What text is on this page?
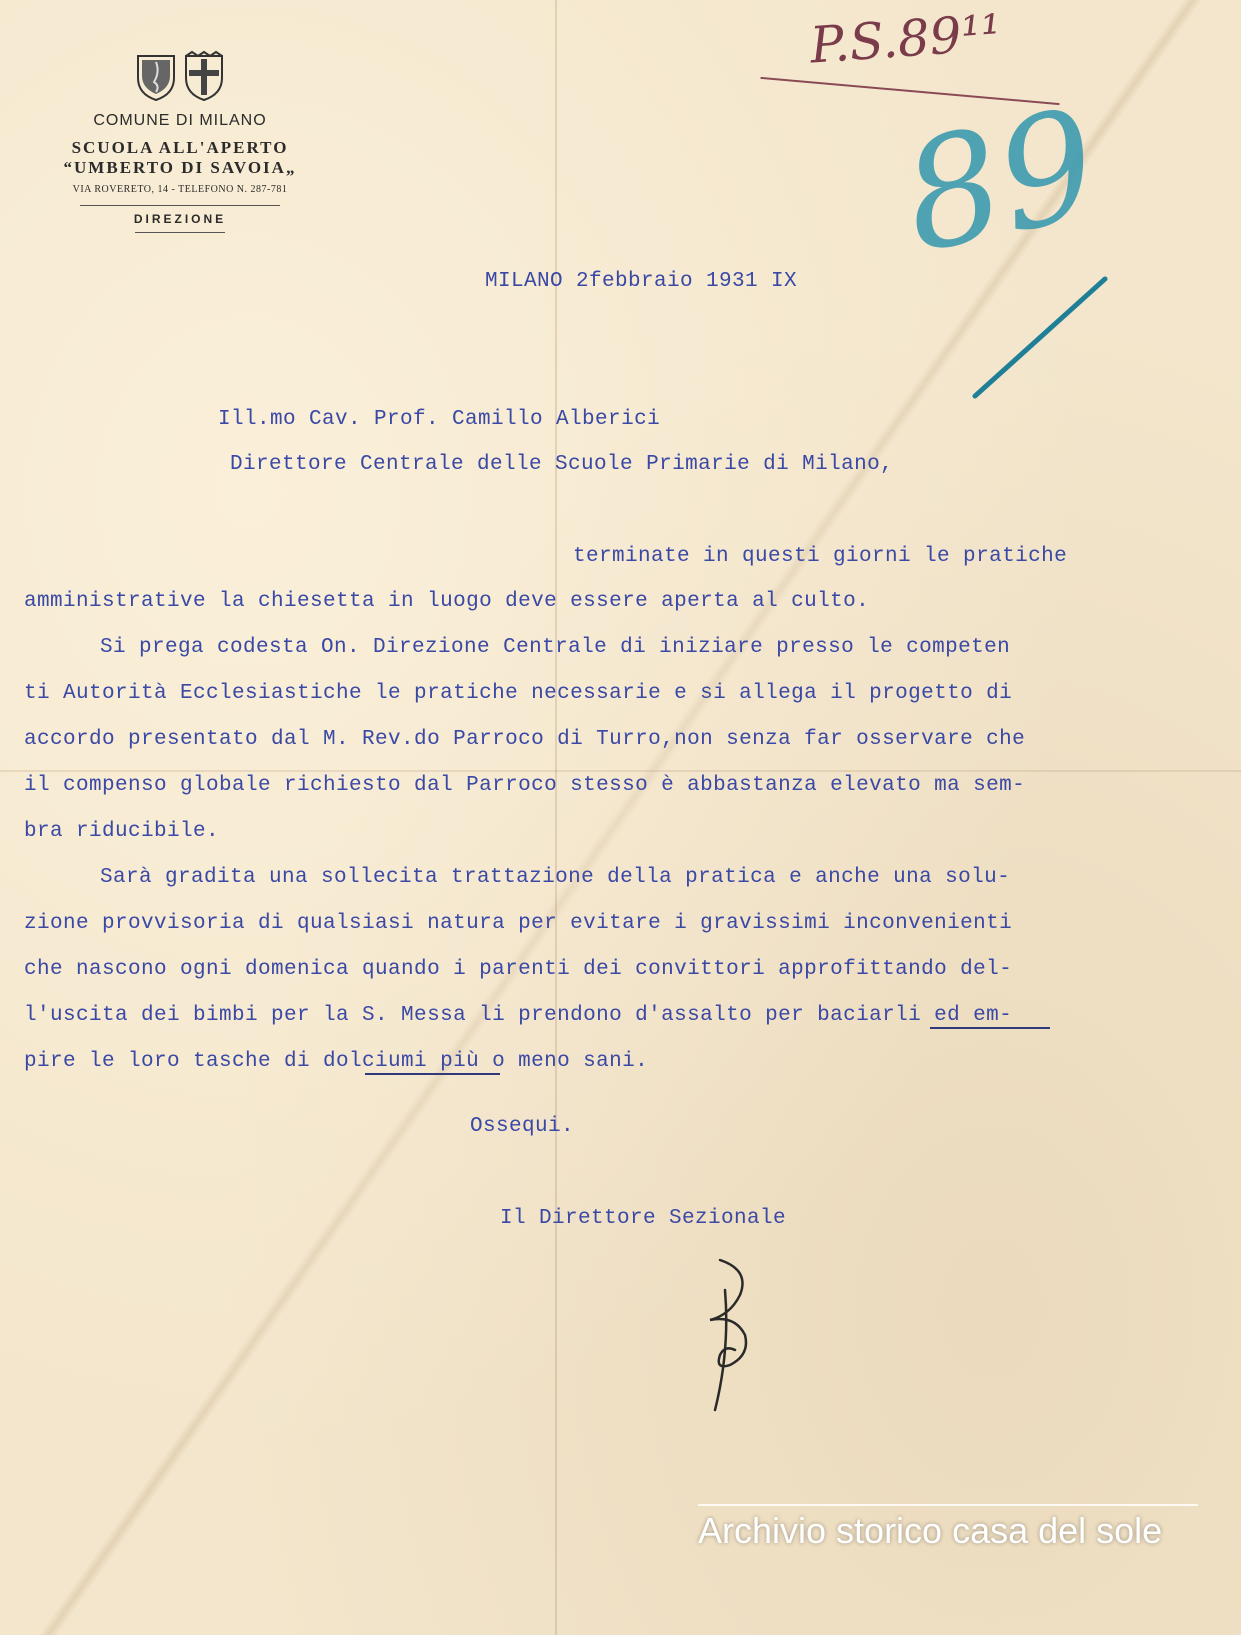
COMUNE DI MILANO
SCUOLA ALL'APERTO
“UMBERTO DI SAVOIA„
VIA ROVERETO, 14 - TELEFONO N. 287-781
DIREZIONE
P.S.89¹¹
89
MILANO 2febbraio 1931 IX
Ill.mo Cav. Prof. Camillo Alberici
Direttore Centrale delle Scuole Primarie di Milano,
terminate in questi giorni le pratiche
amministrative la chiesetta in luogo deve essere aperta al culto.
Si prega codesta On. Direzione Centrale di iniziare presso le competen
ti Autorità Ecclesiastiche le pratiche necessarie e si allega il progetto di
accordo presentato dal M. Rev.do Parroco di Turro,non senza far osservare che
il compenso globale richiesto dal Parroco stesso è abbastanza elevato ma sem-
bra riducibile.
Sarà gradita una sollecita trattazione della pratica e anche una solu-
zione provvisoria di qualsiasi natura per evitare i gravissimi inconvenienti
che nascono ogni domenica quando i parenti dei convittori approfittando del-
l'uscita dei bimbi per la S. Messa li prendono d'assalto per baciarli ed em-
pire le loro tasche di dolciumi più o meno sani.
Ossequi.
Il Direttore Sezionale
Archivio storico casa del sole
